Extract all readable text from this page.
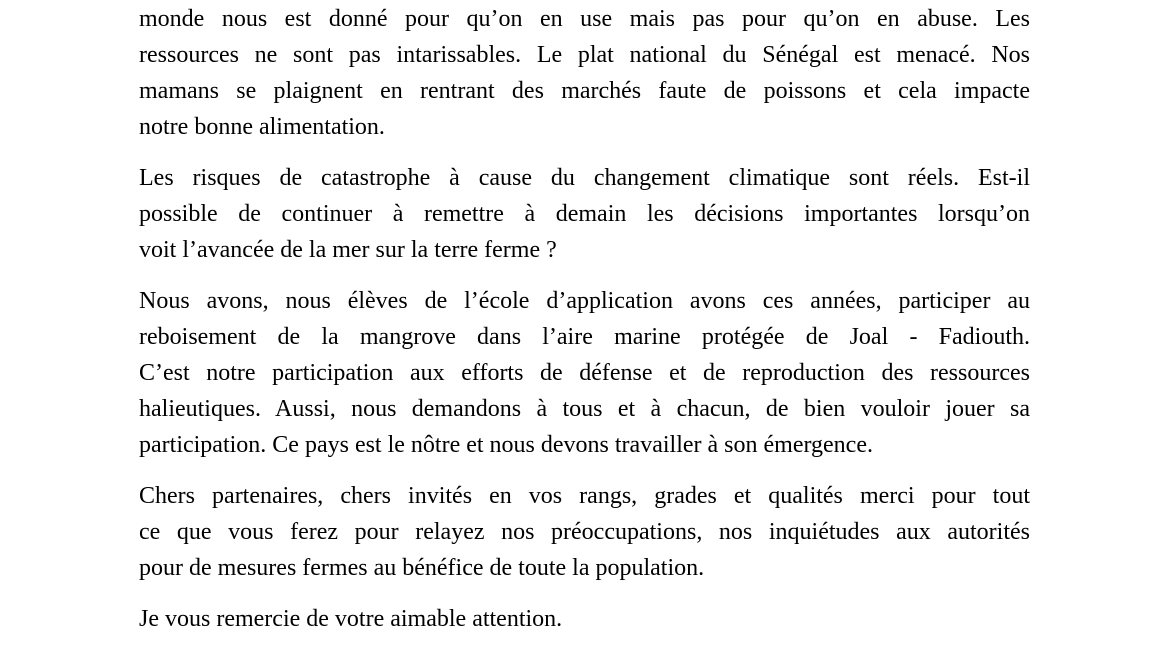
monde nous est donné pour qu’on en use mais pas pour qu’on en abuse. Les
ressources ne sont pas intarissables. Le plat national du Sénégal est menacé. Nos
mamans se plaignent en rentrant des marchés faute de poissons et cela impacte
notre bonne alimentation.

Les risques de catastrophe à cause du changement climatique sont réels. Est-il
possible de continuer à remettre à demain les décisions importantes lorsqu’on
voit l’avancée de la mer sur la terre ferme ?

Nous avons, nous élèves de l’école d’application avons ces années, participer au
reboisement de la mangrove dans l’aire marine protégée de Joal - Fadiouth.
C’est notre participation aux efforts de défense et de reproduction des ressources
halieutiques. Aussi, nous demandons à tous et à chacun, de bien vouloir jouer sa
participation. Ce pays est le nôtre et nous devons travailler à son émergence.

Chers partenaires, chers invités en vos rangs, grades et qualités merci pour tout
ce que vous ferez pour relayez nos préoccupations, nos inquiétudes aux autorités
pour de mesures fermes au bénéfice de toute la population.

Je vous remercie de votre aimable attention.
